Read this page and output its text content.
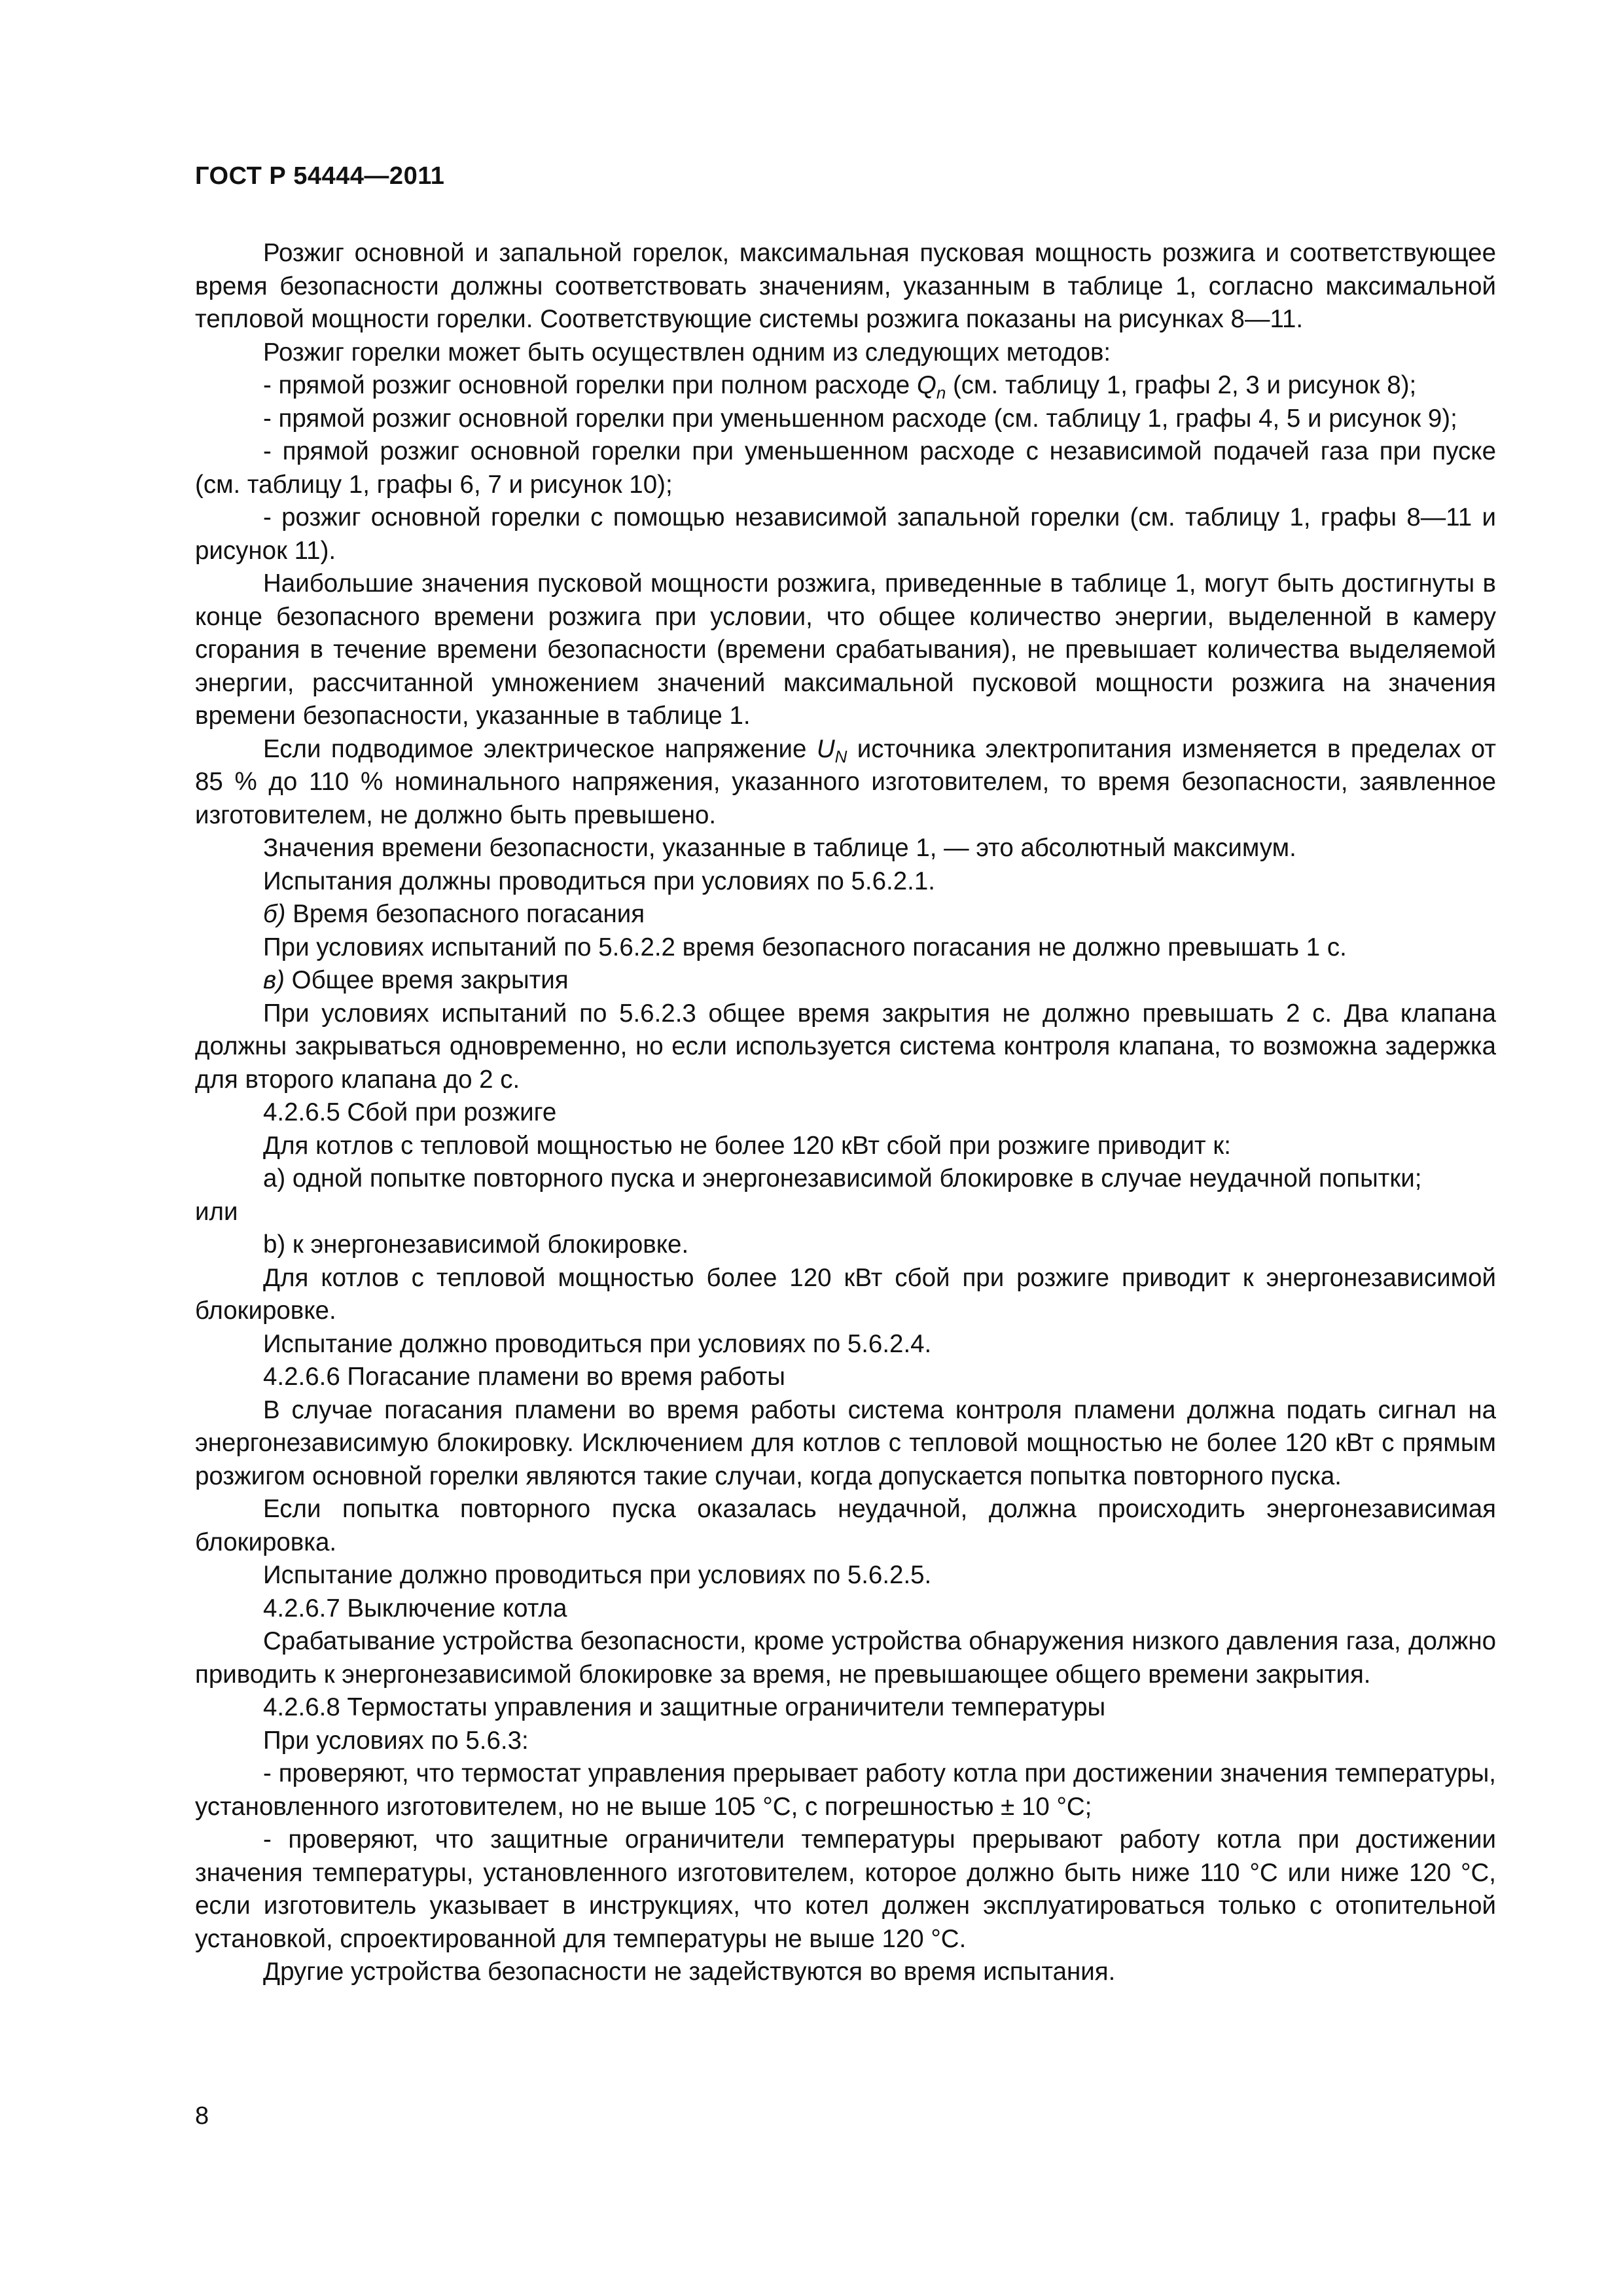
ГОСТ Р 54444—2011

Розжиг основной и запальной горелок, максимальная пусковая мощность розжига и соответствующее время безопасности должны соответствовать значениям, указанным в таблице 1, согласно максимальной тепловой мощности горелки. Соответствующие системы розжига показаны на рисунках 8—11.

Розжиг горелки может быть осуществлен одним из следующих методов:

- прямой розжиг основной горелки при полном расходе $Q_n$ (см. таблицу 1, графы 2, 3 и рисунок 8);

- прямой розжиг основной горелки при уменьшенном расходе (см. таблицу 1, графы 4, 5 и рисунок 9);

- прямой розжиг основной горелки при уменьшенном расходе с независимой подачей газа при пуске (см. таблицу 1, графы 6, 7 и рисунок 10);

- розжиг основной горелки с помощью независимой запальной горелки (см. таблицу 1, графы 8—11 и рисунок 11).

Наибольшие значения пусковой мощности розжига, приведенные в таблице 1, могут быть достигнуты в конце безопасного времени розжига при условии, что общее количество энергии, выделенной в камеру сгорания в течение времени безопасности (времени срабатывания), не превышает количества выделяемой энергии, рассчитанной умножением значений максимальной пусковой мощности розжига на значения времени безопасности, указанные в таблице 1.

Если подводимое электрическое напряжение $U_N$ источника электропитания изменяется в пределах от 85 % до 110 % номинального напряжения, указанного изготовителем, то время безопасности, заявленное изготовителем, не должно быть превышено.

Значения времени безопасности, указанные в таблице 1, — это абсолютный максимум.

Испытания должны проводиться при условиях по 5.6.2.1.

б) Время безопасного погасания

При условиях испытаний по 5.6.2.2 время безопасного погасания не должно превышать 1 с.

в) Общее время закрытия

При условиях испытаний по 5.6.2.3 общее время закрытия не должно превышать 2 с. Два клапана должны закрываться одновременно, но если используется система контроля клапана, то возможна задержка для второго клапана до 2 с.

4.2.6.5 Сбой при розжиге

Для котлов с тепловой мощностью не более 120 кВт сбой при розжиге приводит к:

a) одной попытке повторного пуска и энергонезависимой блокировке в случае неудачной попытки;

или

b) к энергонезависимой блокировке.

Для котлов с тепловой мощностью более 120 кВт сбой при розжиге приводит к энергонезависимой блокировке.

Испытание должно проводиться при условиях по 5.6.2.4.

4.2.6.6 Погасание пламени во время работы

В случае погасания пламени во время работы система контроля пламени должна подать сигнал на энергонезависимую блокировку. Исключением для котлов с тепловой мощностью не более 120 кВт с прямым розжигом основной горелки являются такие случаи, когда допускается попытка повторного пуска.

Если попытка повторного пуска оказалась неудачной, должна происходить энергонезависимая блокировка.

Испытание должно проводиться при условиях по 5.6.2.5.

4.2.6.7 Выключение котла

Срабатывание устройства безопасности, кроме устройства обнаружения низкого давления газа, должно приводить к энергонезависимой блокировке за время, не превышающее общего времени закрытия.

4.2.6.8 Термостаты управления и защитные ограничители температуры

При условиях по 5.6.3:

- проверяют, что термостат управления прерывает работу котла при достижении значения температуры, установленного изготовителем, но не выше 105 °С, с погрешностью ± 10 °С;

- проверяют, что защитные ограничители температуры прерывают работу котла при достижении значения температуры, установленного изготовителем, которое должно быть ниже 110 °С или ниже 120 °С, если изготовитель указывает в инструкциях, что котел должен эксплуатироваться только с отопительной установкой, спроектированной для температуры не выше 120 °С.

Другие устройства безопасности не задействуются во время испытания.

8
